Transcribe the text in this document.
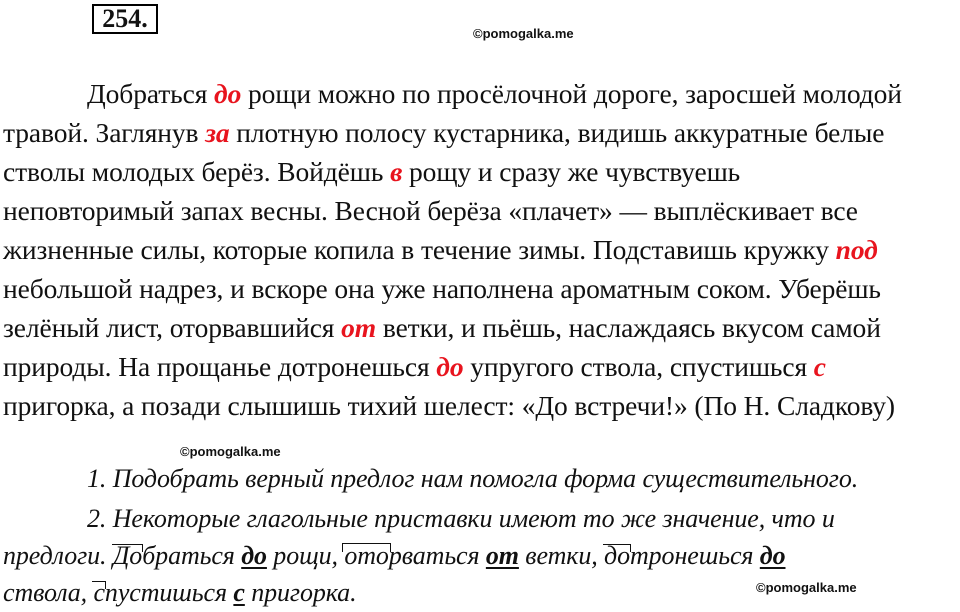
254.
©pomogalka.me
Добраться до рощи можно по просёлочной дороге, заросшей молодой
травой. Заглянув за плотную полосу кустарника, видишь аккуратные белые
стволы молодых берёз. Войдёшь в рощу и сразу же чувствуешь
неповторимый запах весны. Весной берёза «плачет» — выплёскивает все
жизненные силы, которые копила в течение зимы. Подставишь кружку под
небольшой надрез, и вскоре она уже наполнена ароматным соком. Уберёшь
зелёный лист, оторвавшийся от ветки, и пьёшь, наслаждаясь вкусом самой
природы. На прощанье дотронешься до упругого ствола, спустишься с
пригорка, а позади слышишь тихий шелест: «До встречи!» (По Н. Сладкову)
©pomogalka.me
1. Подобрать верный предлог нам помогла форма существительного.
2. Некоторые глагольные приставки имеют то же значение, что и
предлоги. Добраться до рощи, оторваться от ветки, дотронешься до
ствола, спустишься с пригорка.	©pomogalka.me
